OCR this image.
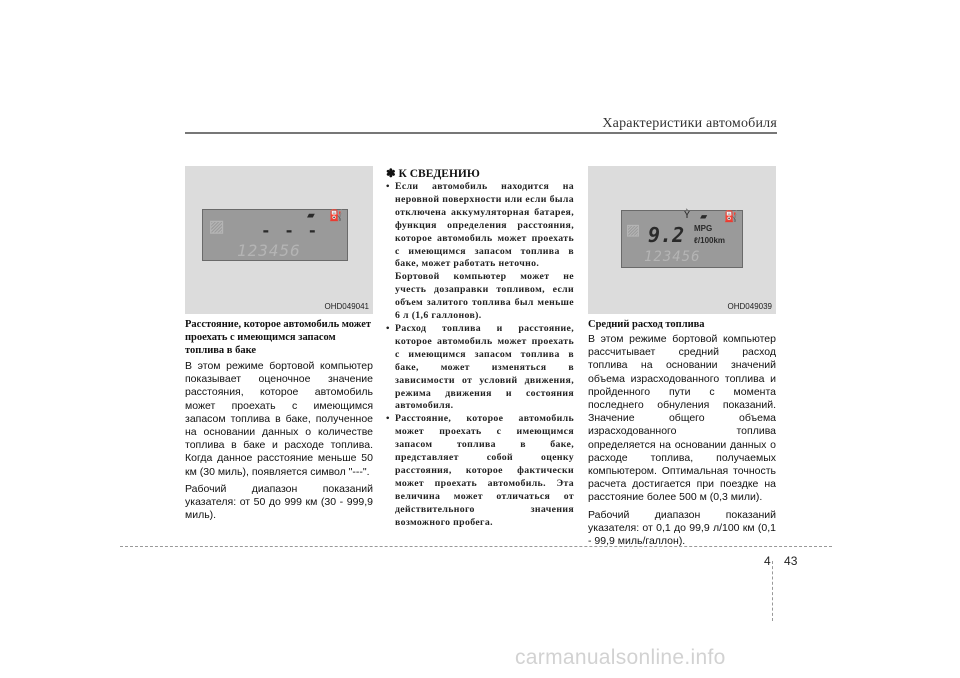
Характеристики автомобиля
▨	▰ ⛽
- - -
123456
OHD049041
Расстояние, которое автомобиль может проехать с имеющимся запасом топлива в баке

В этом режиме бортовой компьютер показывает оценочное значение расстояния, которое автомобиль может проехать с имеющимся запасом топлива в баке, полученное на основании данных о количестве топлива в баке и расходе топлива. Когда данное расстояние меньше 50 км (30 миль), появляется символ "---".

Рабочий диапазон показаний указателя: от 50 до 999 км (30 - 999,9 миль).

✽ К СВЕДЕНИЮ
• Если автомобиль находится на неровной поверхности или если была отключена аккумуляторная батарея, функция определения расстояния, которое автомобиль может проехать с имеющимся запасом топлива в баке, может работать неточно.

Бортовой компьютер может не учесть дозаправки топливом, если объем залитого топлива был меньше 6 л (1,6 галлонов).

• Расход топлива и расстояние, которое автомобиль может проехать с имеющимся запасом топлива в баке, может изменяться в зависимости от условий движения, режима движения и состояния автомобиля.

• Расстояние, которое автомобиль может проехать с имеющимся запасом топлива в баке, представляет собой оценку расстояния, которое фактически может проехать автомобиль. Эта величина может отличаться от действительного значения возможного пробега.

▨
Ỳ ▰ ⛽
9.2 MPG
ℓ/100km
123456
OHD049039
Средний расход топлива

В этом режиме бортовой компьютер рассчитывает средний расход топлива на основании значений объема израсходованного топлива и пройденного пути с момента последнего обнуления показаний. Значение общего объема израсходованного топлива определяется на основании данных о расходе топлива, получаемых компьютером. Оптимальная точность расчета достигается при поездке на расстояние более 500 м (0,3 мили).

Рабочий диапазон показаний указателя: от 0,1 до 99,9 л/100 км (0,1 - 99,9 миль/галлон).

4 43
carmanualsonline.info
